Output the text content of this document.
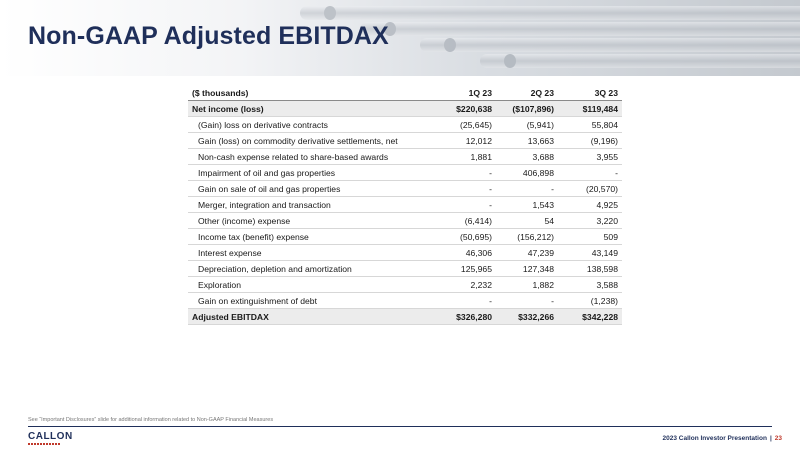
Non-GAAP Adjusted EBITDAX
($ thousands)	1Q 23	2Q 23	3Q 23
Net income (loss)	$220,638	($107,896)	$119,484
(Gain) loss on derivative contracts	(25,645)	(5,941)	55,804
Gain (loss) on commodity derivative settlements, net	12,012	13,663	(9,196)
Non-cash expense related to share-based awards	1,881	3,688	3,955
Impairment of oil and gas properties	-	406,898	-
Gain on sale of oil and gas properties	-	-	(20,570)
Merger, integration and transaction	-	1,543	4,925
Other (income) expense	(6,414)	54	3,220
Income tax (benefit) expense	(50,695)	(156,212)	509
Interest expense	46,306	47,239	43,149
Depreciation, depletion and amortization	125,965	127,348	138,598
Exploration	2,232	1,882	3,588
Gain on extinguishment of debt	-	-	(1,238)
Adjusted EBITDAX	$326,280	$332,266	$342,228
See “Important Disclosures” slide for additional information related to Non-GAAP Financial Measures
CALLON	2023 Callon Investor Presentation | 23
